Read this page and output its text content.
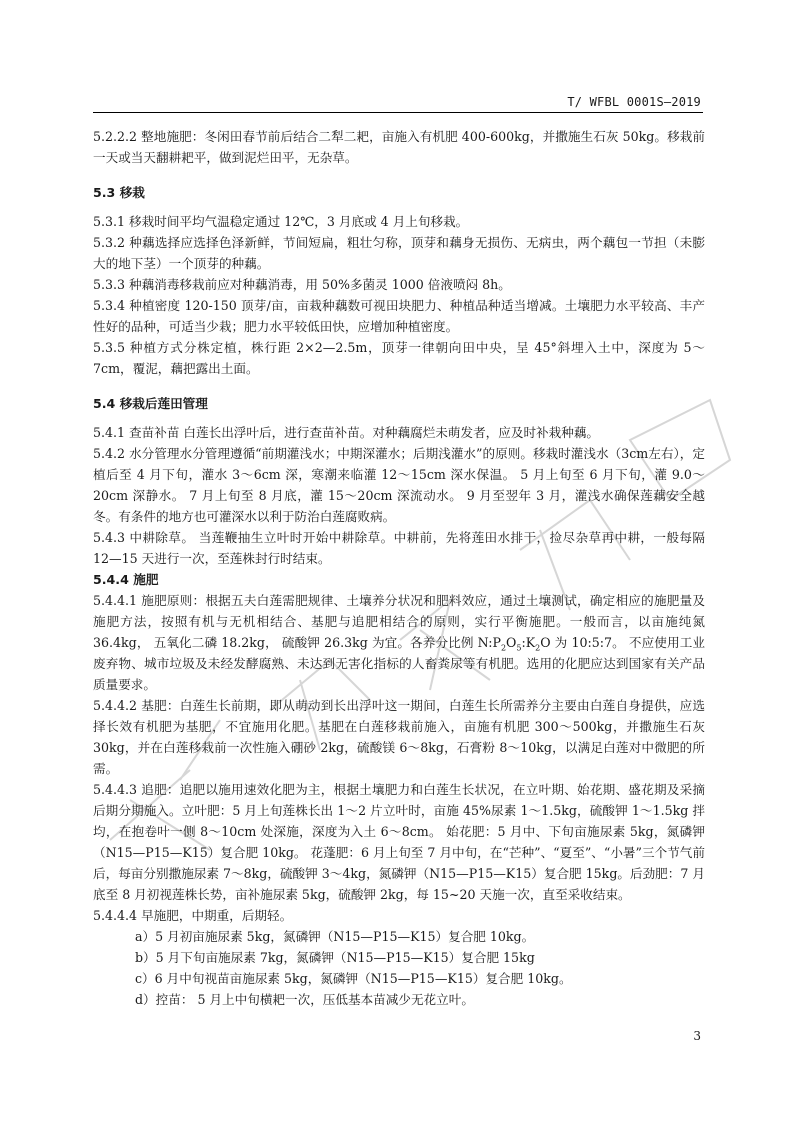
T/ WFBL 0001S—2019

5.2.2.2 整地施肥：冬闲田春节前后结合二犁二耙，亩施入有机肥 400-600kg，并撒施生石灰 50kg。移栽前一天或当天翻耕耙平，做到泥烂田平，无杂草。

5.3 移栽

5.3.1 移栽时间平均气温稳定通过 12℃，3 月底或 4 月上旬移栽。

5.3.2 种藕选择应选择色泽新鲜，节间短扁，粗壮匀称，顶芽和藕身无损伤、无病虫，两个藕包一节担（未膨大的地下茎）一个顶芽的种藕。

5.3.3 种藕消毒移栽前应对种藕消毒，用 50%多菌灵 1000 倍液喷闷 8h。

5.3.4 种植密度 120-150 顶芽/亩，亩栽种藕数可视田块肥力、种植品种适当增减。土壤肥力水平较高、丰产性好的品种，可适当少栽；肥力水平较低田快，应增加种植密度。

5.3.5 种植方式分株定植，株行距 2×2—2.5m，顶芽一律朝向田中央，呈 45°斜埋入土中，深度为 5～7cm，覆泥，藕把露出土面。

5.4 移栽后莲田管理

5.4.1 查苗补苗 白莲长出浮叶后，进行查苗补苗。对种藕腐烂未萌发者，应及时补栽种藕。

5.4.2 水分管理水分管理遵循“前期灌浅水；中期深灌水；后期浅灌水”的原则。移栽时灌浅水（3cm左右），定植后至 4 月下旬，灌水 3～6cm 深，寒潮来临灌 12～15cm 深水保温。 5 月上旬至 6 月下旬，灌 9.0～20cm 深静水。 7 月上旬至 8 月底，灌 15～20cm 深流动水。 9 月至翌年 3 月，灌浅水确保莲藕安全越冬。有条件的地方也可灌深水以利于防治白莲腐败病。

5.4.3 中耕除草。 当莲鞭抽生立叶时开始中耕除草。中耕前，先将莲田水排干，捡尽杂草再中耕，一般每隔 12—15 天进行一次，至莲株封行时结束。

5.4.4 施肥

5.4.4.1 施肥原则：根据五夫白莲需肥规律、土壤养分状况和肥料效应，通过土壤测试，确定相应的施肥量及施肥方法，按照有机与无机相结合、基肥与追肥相结合的原则，实行平衡施肥。一般而言，以亩施纯氮 36.4kg， 五氧化二磷 18.2kg， 硫酸钾 26.3kg 为宜。各养分比例 $N:P_2O_5:K_2O$ 为 10:5:7。 不应使用工业废弃物、城市垃圾及未经发酵腐熟、未达到无害化指标的人畜粪尿等有机肥。选用的化肥应达到国家有关产品质量要求。

5.4.4.2 基肥：白莲生长前期，即从萌动到长出浮叶这一期间，白莲生长所需养分主要由白莲自身提供，应选择长效有机肥为基肥，不宜施用化肥。基肥在白莲移栽前施入，亩施有机肥 300～500kg，并撒施生石灰 30kg，并在白莲移栽前一次性施入硼砂 2kg，硫酸镁 6～8kg，石膏粉 8～10kg，以满足白莲对中微肥的所需。

5.4.4.3 追肥：追肥以施用速效化肥为主，根据土壤肥力和白莲生长状况，在立叶期、始花期、盛花期及采摘后期分期施入。立叶肥：5 月上旬莲株长出 1～2 片立叶时，亩施 45%尿素 1～1.5kg，硫酸钾 1～1.5kg 拌均，在抱卷叶一侧 8～10cm 处深施，深度为入土 6～8cm。 始花肥：5 月中、下旬亩施尿素 5kg，氮磷钾（N15—P15—K15）复合肥 10kg。 花蓬肥：6 月上旬至 7 月中旬，在“芒种”、“夏至”、“小暑”三个节气前后，每亩分别撒施尿素 7～8kg，硫酸钾 3～4kg，氮磷钾（N15—P15—K15）复合肥 15kg。后劲肥：7 月底至 8 月初视莲株长势，亩补施尿素 5kg，硫酸钾 2kg，每 15~20 天施一次，直至采收结束。

5.4.4.4 早施肥，中期重，后期轻。

a）5 月初亩施尿素 5kg，氮磷钾（N15—P15—K15）复合肥 10kg。

b）5 月下旬亩施尿素 7kg，氮磷钾（N15—P15—K15）复合肥 15kg

c）6 月中旬视苗亩施尿素 5kg，氮磷钾（N15—P15—K15）复合肥 10kg。

d）控苗： 5 月上中旬横耙一次，压低基本苗减少无花立叶。

3
